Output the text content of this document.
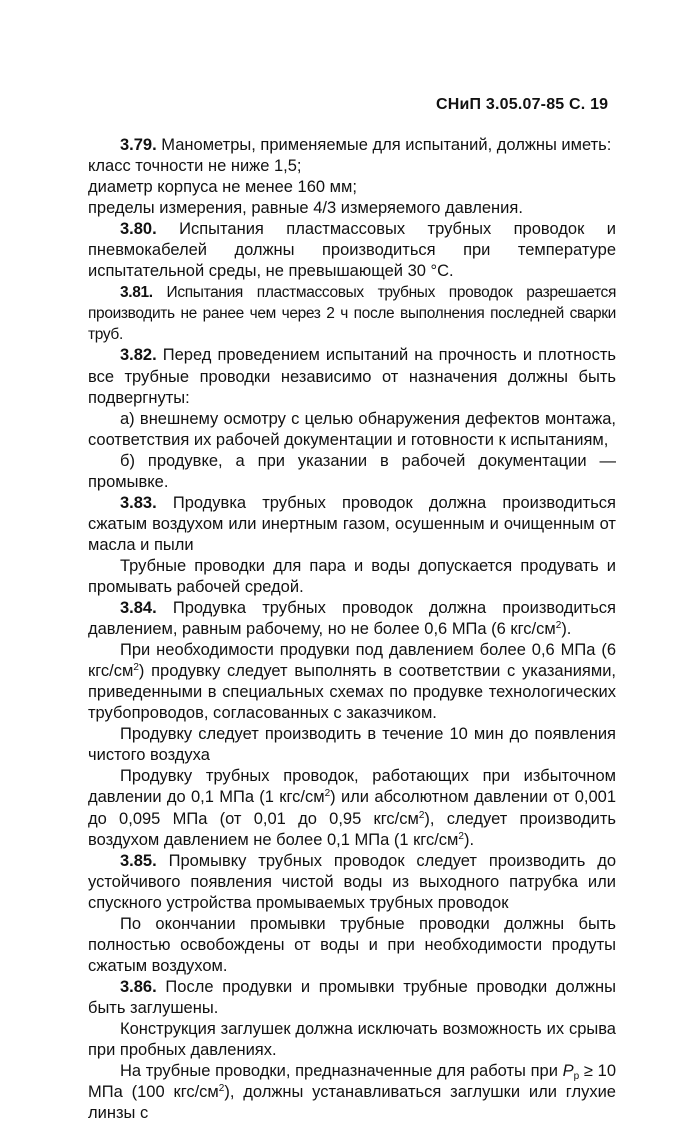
СНиП 3.05.07-85 С. 19

3.79. Манометры, применяемые для испытаний, должны иметь:

класс точности не ниже 1,5;

диаметр корпуса не менее 160 мм;

пределы измерения, равные 4/3 измеряемого давления.

3.80. Испытания пластмассовых трубных проводок и пневмокабелей должны производиться при температуре испытательной среды, не превышающей 30 °С.

3.81. Испытания пластмассовых трубных проводок разрешается производить не ранее чем через 2 ч после выполнения последней сварки труб.

3.82. Перед проведением испытаний на прочность и плотность все трубные проводки независимо от назначения должны быть подвергнуты:

а) внешнему осмотру с целью обнаружения дефектов монтажа, соответствия их рабочей документации и готовности к испытаниям,

б) продувке, а при указании в рабочей документации — промывке.

3.83. Продувка трубных проводок должна производиться сжатым воздухом или инертным газом, осушенным и очищенным от масла и пыли

Трубные проводки для пара и воды допускается продувать и промывать рабочей средой.

3.84. Продувка трубных проводок должна производиться давлением, равным рабочему, но не более 0,6 МПа (6 кгс/$см^2$).

При необходимости продувки под давлением более 0,6 МПа (6 кгс/$см^2$) продувку следует выполнять в соответствии с указаниями, приведенными в специальных схемах по продувке технологических трубопроводов, согласованных с заказчиком.

Продувку следует производить в течение 10 мин до появления чистого воздуха

Продувку трубных проводок, работающих при избыточном давлении до 0,1 МПа (1 кгс/$см^2$) или абсолютном давлении от 0,001 до 0,095 МПа (от 0,01 до 0,95 кгс/$см^2$), следует производить воздухом давлением не более 0,1 МПа (1 кгс/$см^2$).

3.85. Промывку трубных проводок следует производить до устойчивого появления чистой воды из выходного патрубка или спускного устройства промываемых трубных проводок

По окончании промывки трубные проводки должны быть полностью освобождены от воды и при необходимости продуты сжатым воздухом.

3.86. После продувки и промывки трубные проводки должны быть заглушены.

Конструкция заглушек должна исключать возможность их срыва при пробных давлениях.

На трубные проводки, предназначенные для работы при $Р_р \ge 10$ МПа (100 кгс/$см^2$), должны устанавливаться заглушки или глухие линзы с
